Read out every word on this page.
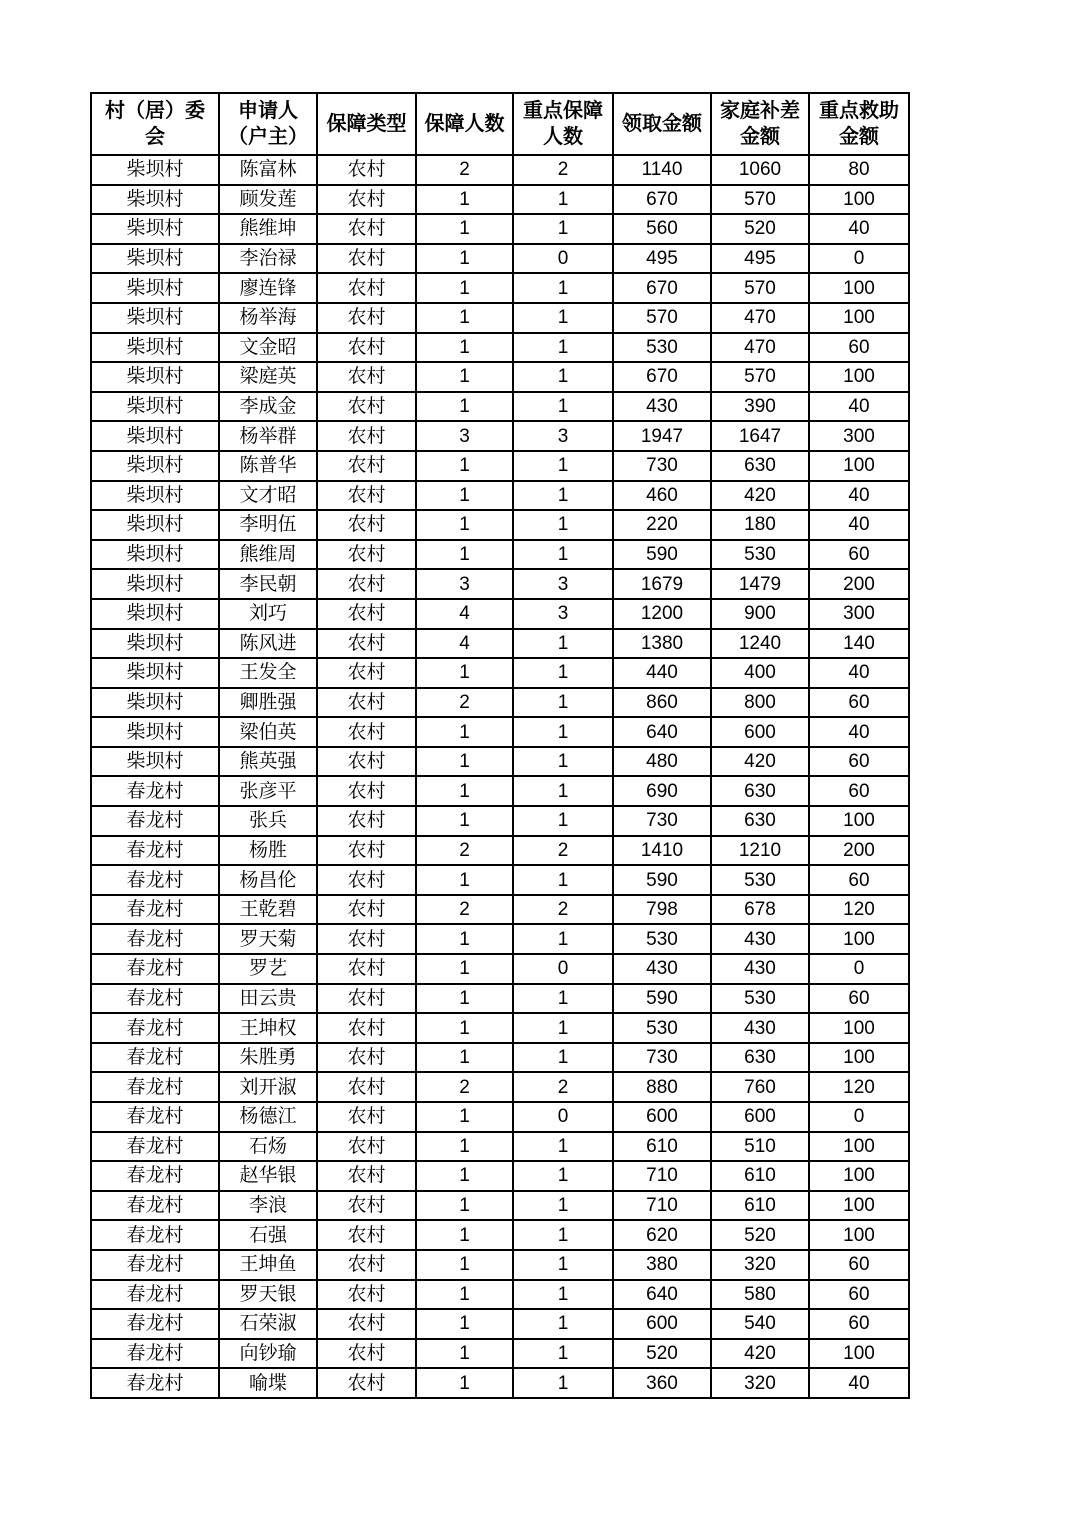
村（居）委会	申请人（户主）	保障类型	保障人数	重点保障人数	领取金额	家庭补差金额	重点救助金额
柴坝村	陈富林	农村	2	2	1140	1060	80
柴坝村	顾发莲	农村	1	1	670	570	100
柴坝村	熊维坤	农村	1	1	560	520	40
柴坝村	李治禄	农村	1	0	495	495	0
柴坝村	廖连锋	农村	1	1	670	570	100
柴坝村	杨举海	农村	1	1	570	470	100
柴坝村	文金昭	农村	1	1	530	470	60
柴坝村	梁庭英	农村	1	1	670	570	100
柴坝村	李成金	农村	1	1	430	390	40
柴坝村	杨举群	农村	3	3	1947	1647	300
柴坝村	陈普华	农村	1	1	730	630	100
柴坝村	文才昭	农村	1	1	460	420	40
柴坝村	李明伍	农村	1	1	220	180	40
柴坝村	熊维周	农村	1	1	590	530	60
柴坝村	李民朝	农村	3	3	1679	1479	200
柴坝村	刘巧	农村	4	3	1200	900	300
柴坝村	陈风进	农村	4	1	1380	1240	140
柴坝村	王发全	农村	1	1	440	400	40
柴坝村	卿胜强	农村	2	1	860	800	60
柴坝村	梁伯英	农村	1	1	640	600	40
柴坝村	熊英强	农村	1	1	480	420	60
春龙村	张彦平	农村	1	1	690	630	60
春龙村	张兵	农村	1	1	730	630	100
春龙村	杨胜	农村	2	2	1410	1210	200
春龙村	杨昌伦	农村	1	1	590	530	60
春龙村	王乾碧	农村	2	2	798	678	120
春龙村	罗天菊	农村	1	1	530	430	100
春龙村	罗艺	农村	1	0	430	430	0
春龙村	田云贵	农村	1	1	590	530	60
春龙村	王坤权	农村	1	1	530	430	100
春龙村	朱胜勇	农村	1	1	730	630	100
春龙村	刘开淑	农村	2	2	880	760	120
春龙村	杨德江	农村	1	0	600	600	0
春龙村	石炀	农村	1	1	610	510	100
春龙村	赵华银	农村	1	1	710	610	100
春龙村	李浪	农村	1	1	710	610	100
春龙村	石强	农村	1	1	620	520	100
春龙村	王坤鱼	农村	1	1	380	320	60
春龙村	罗天银	农村	1	1	640	580	60
春龙村	石荣淑	农村	1	1	600	540	60
春龙村	向钞瑜	农村	1	1	520	420	100
春龙村	喻堞	农村	1	1	360	320	40
